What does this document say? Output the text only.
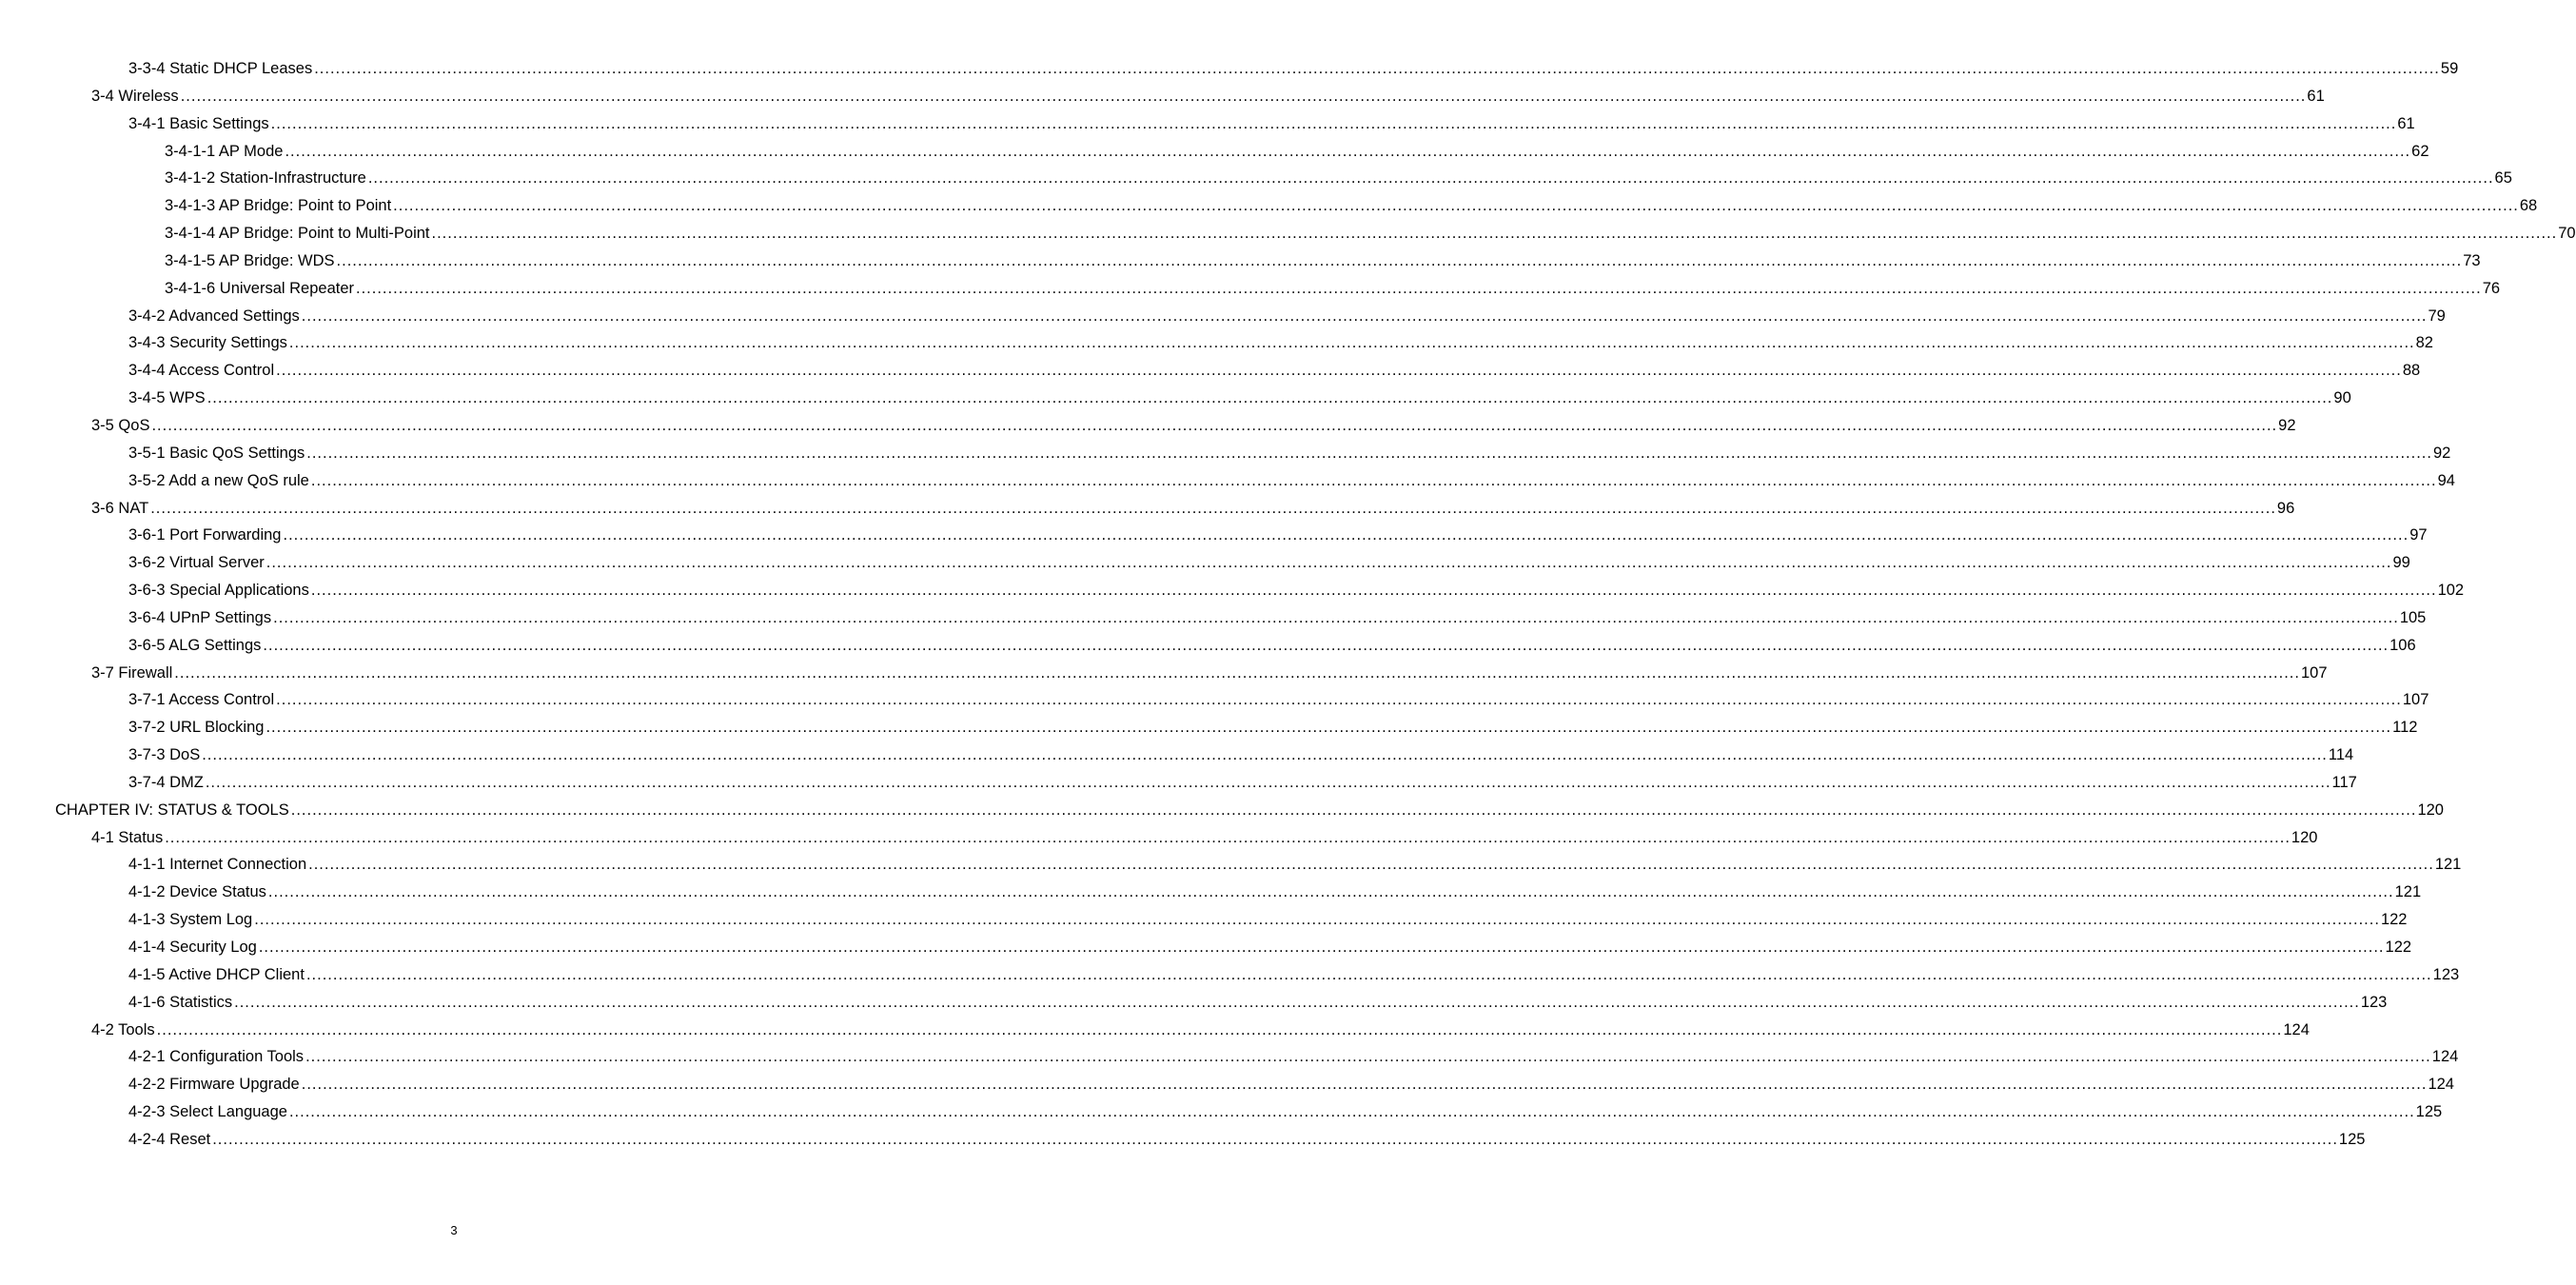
3-3-4 Static DHCP Leases ................................................................................................................................................................................................................................................................................................................................................................................................................ 59
3-4 Wireless ................................................................................................................................................................................................................................................................................................................................................................................................................ 61
3-4-1 Basic Settings ................................................................................................................................................................................................................................................................................................................................................................................................................ 61
3-4-1-1 AP Mode ................................................................................................................................................................................................................................................................................................................................................................................................................ 62
3-4-1-2 Station-Infrastructure ................................................................................................................................................................................................................................................................................................................................................................................................................ 65
3-4-1-3 AP Bridge: Point to Point ................................................................................................................................................................................................................................................................................................................................................................................................................ 68
3-4-1-4 AP Bridge: Point to Multi-Point ................................................................................................................................................................................................................................................................................................................................................................................................................ 70
3-4-1-5 AP Bridge: WDS ................................................................................................................................................................................................................................................................................................................................................................................................................ 73
3-4-1-6 Universal Repeater ................................................................................................................................................................................................................................................................................................................................................................................................................ 76
3-4-2 Advanced Settings ................................................................................................................................................................................................................................................................................................................................................................................................................ 79
3-4-3 Security Settings ................................................................................................................................................................................................................................................................................................................................................................................................................ 82
3-4-4 Access Control ................................................................................................................................................................................................................................................................................................................................................................................................................ 88
3-4-5 WPS ................................................................................................................................................................................................................................................................................................................................................................................................................ 90
3-5 QoS ................................................................................................................................................................................................................................................................................................................................................................................................................ 92
3-5-1 Basic QoS Settings ................................................................................................................................................................................................................................................................................................................................................................................................................ 92
3-5-2 Add a new QoS rule ................................................................................................................................................................................................................................................................................................................................................................................................................ 94
3-6 NAT ................................................................................................................................................................................................................................................................................................................................................................................................................ 96
3-6-1 Port Forwarding ................................................................................................................................................................................................................................................................................................................................................................................................................ 97
3-6-2 Virtual Server ................................................................................................................................................................................................................................................................................................................................................................................................................ 99
3-6-3 Special Applications ................................................................................................................................................................................................................................................................................................................................................................................................................ 102
3-6-4 UPnP Settings ................................................................................................................................................................................................................................................................................................................................................................................................................ 105
3-6-5 ALG Settings ................................................................................................................................................................................................................................................................................................................................................................................................................ 106
3-7 Firewall ................................................................................................................................................................................................................................................................................................................................................................................................................ 107
3-7-1 Access Control ................................................................................................................................................................................................................................................................................................................................................................................................................ 107
3-7-2 URL Blocking ................................................................................................................................................................................................................................................................................................................................................................................................................ 112
3-7-3 DoS ................................................................................................................................................................................................................................................................................................................................................................................................................ 114
3-7-4 DMZ ................................................................................................................................................................................................................................................................................................................................................................................................................ 117
CHAPTER IV: STATUS & TOOLS ................................................................................................................................................................................................................................................................................................................................................................................................................ 120
4-1 Status ................................................................................................................................................................................................................................................................................................................................................................................................................ 120
4-1-1 Internet Connection ................................................................................................................................................................................................................................................................................................................................................................................................................ 121
4-1-2 Device Status ................................................................................................................................................................................................................................................................................................................................................................................................................ 121
4-1-3 System Log ................................................................................................................................................................................................................................................................................................................................................................................................................ 122
4-1-4 Security Log ................................................................................................................................................................................................................................................................................................................................................................................................................ 122
4-1-5 Active DHCP Client ................................................................................................................................................................................................................................................................................................................................................................................................................ 123
4-1-6 Statistics ................................................................................................................................................................................................................................................................................................................................................................................................................ 123
4-2 Tools ................................................................................................................................................................................................................................................................................................................................................................................................................ 124
4-2-1 Configuration Tools ................................................................................................................................................................................................................................................................................................................................................................................................................ 124
4-2-2 Firmware Upgrade ................................................................................................................................................................................................................................................................................................................................................................................................................ 124
4-2-3 Select Language ................................................................................................................................................................................................................................................................................................................................................................................................................ 125
4-2-4 Reset ................................................................................................................................................................................................................................................................................................................................................................................................................ 125
3
